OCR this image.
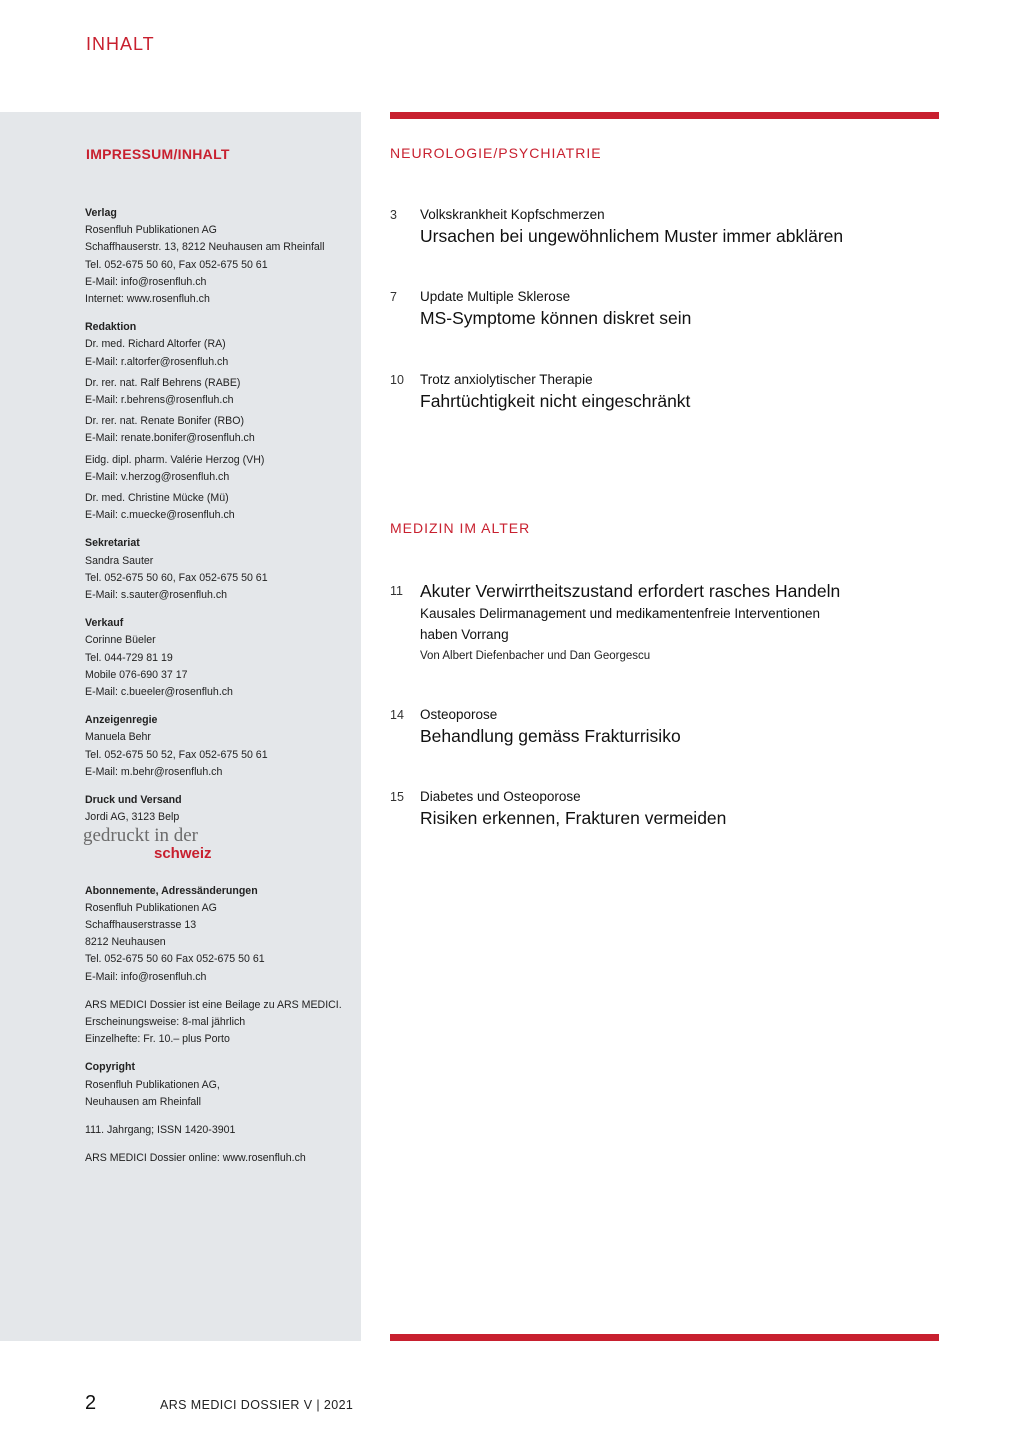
INHALT
IMPRESSUM/INHALT
Verlag
Rosenfluh Publikationen AG
Schaffhauserstr. 13, 8212 Neuhausen am Rheinfall
Tel. 052-675 50 60, Fax 052-675 50 61
E-Mail: info@rosenfluh.ch
Internet: www.rosenfluh.ch
Redaktion
Dr. med. Richard Altorfer (RA)
E-Mail: r.altorfer@rosenfluh.ch
Dr. rer. nat. Ralf Behrens (RABE)
E-Mail: r.behrens@rosenfluh.ch
Dr. rer. nat. Renate Bonifer (RBO)
E-Mail: renate.bonifer@rosenfluh.ch
Eidg. dipl. pharm. Valérie Herzog (VH)
E-Mail: v.herzog@rosenfluh.ch
Dr. med. Christine Mücke (Mü)
E-Mail: c.muecke@rosenfluh.ch
Sekretariat
Sandra Sauter
Tel. 052-675 50 60, Fax 052-675 50 61
E-Mail: s.sauter@rosenfluh.ch
Verkauf
Corinne Büeler
Tel. 044-729 81 19
Mobile 076-690 37 17
E-Mail: c.bueeler@rosenfluh.ch
Anzeigenregie
Manuela Behr
Tel. 052-675 50 52, Fax 052-675 50 61
E-Mail: m.behr@rosenfluh.ch
Druck und Versand
Jordi AG, 3123 Belp
gedruckt in der
schweiz
Abonnemente, Adressänderungen
Rosenfluh Publikationen AG
Schaffhauserstrasse 13
8212 Neuhausen
Tel. 052-675 50 60 Fax 052-675 50 61
E-Mail: info@rosenfluh.ch
ARS MEDICI Dossier ist eine Beilage zu ARS MEDICI.
Erscheinungsweise: 8-mal jährlich
Einzelhefte: Fr. 10.– plus Porto
Copyright
Rosenfluh Publikationen AG,
Neuhausen am Rheinfall
111. Jahrgang; ISSN 1420-3901
ARS MEDICI Dossier online: www.rosenfluh.ch
NEUROLOGIE/PSYCHIATRIE
3 Volkskrankheit Kopfschmerzen
Ursachen bei ungewöhnlichem Muster immer abklären
7 Update Multiple Sklerose
MS-Symptome können diskret sein
10 Trotz anxiolytischer Therapie
Fahrtüchtigkeit nicht eingeschränkt
MEDIZIN IM ALTER
11 Akuter Verwirrtheitszustand erfordert rasches Handeln
Kausales Delirmanagement und medikamentenfreie Interventionen
haben Vorrang
Von Albert Diefenbacher und Dan Georgescu
14 Osteoporose
Behandlung gemäss Frakturrisiko
15 Diabetes und Osteoporose
Risiken erkennen, Frakturen vermeiden
2	ARS MEDICI DOSSIER V | 2021
